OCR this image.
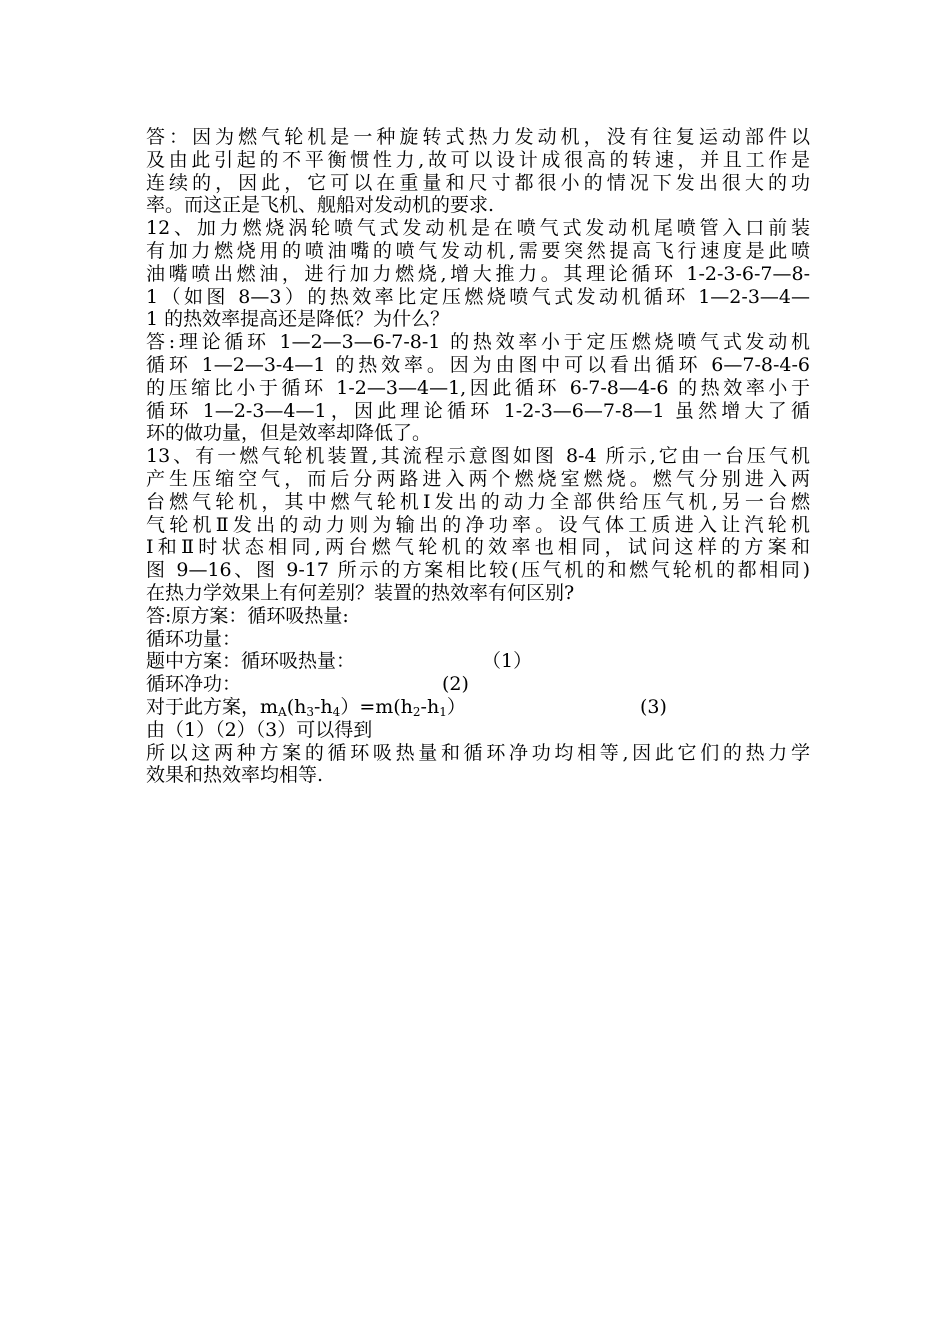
答：因为燃气轮机是一种旋转式热力发动机，没有往复运动部件以
及由此引起的不平衡惯性力,故可以设计成很高的转速，并且工作是
连续的，因此，它可以在重量和尺寸都很小的情况下发出很大的功
率。而这正是飞机、舰船对发动机的要求.
12、加力燃烧涡轮喷气式发动机是在喷气式发动机尾喷管入口前装
有加力燃烧用的喷油嘴的喷气发动机,需要突然提高飞行速度是此喷
油嘴喷出燃油，进行加力燃烧,增大推力。其理论循环 1-2-3-6-7—8-
1（如图 8—3）的热效率比定压燃烧喷气式发动机循环 1—2-3—4—
1 的热效率提高还是降低？为什么？
答:理论循环 1—2—3—6-7-8-1 的热效率小于定压燃烧喷气式发动机
循环 1—2—3-4—1 的热效率。因为由图中可以看出循环 6—7-8-4-6
的压缩比小于循环 1-2—3—4—1,因此循环 6-7-8—4-6 的热效率小于
循环 1—2-3—4—1，因此理论循环 1-2-3—6—7-8—1 虽然增大了循
环的做功量，但是效率却降低了。
13、有一燃气轮机装置,其流程示意图如图 8-4 所示,它由一台压气机
产生压缩空气，而后分两路进入两个燃烧室燃烧。燃气分别进入两
台燃气轮机，其中燃气轮机Ⅰ发出的动力全部供给压气机,另一台燃
气轮机Ⅱ发出的动力则为输出的净功率。设气体工质进入让汽轮机
Ⅰ和Ⅱ时状态相同,两台燃气轮机的效率也相同，试问这样的方案和
图 9—16、图 9-17 所示的方案相比较(压气机的和燃气轮机的都相同)
在热力学效果上有何差别？装置的热效率有何区别?
答:原方案：循环吸热量:
循环功量：
题中方案：循环吸热量：	（1）
循环净功：	(2)
对于此方案，$m_A(h_3-h_4)=m(h_2-h_1)$	(3)
由（1）（2）（3）可以得到
所以这两种方案的循环吸热量和循环净功均相等,因此它们的热力学
效果和热效率均相等.
